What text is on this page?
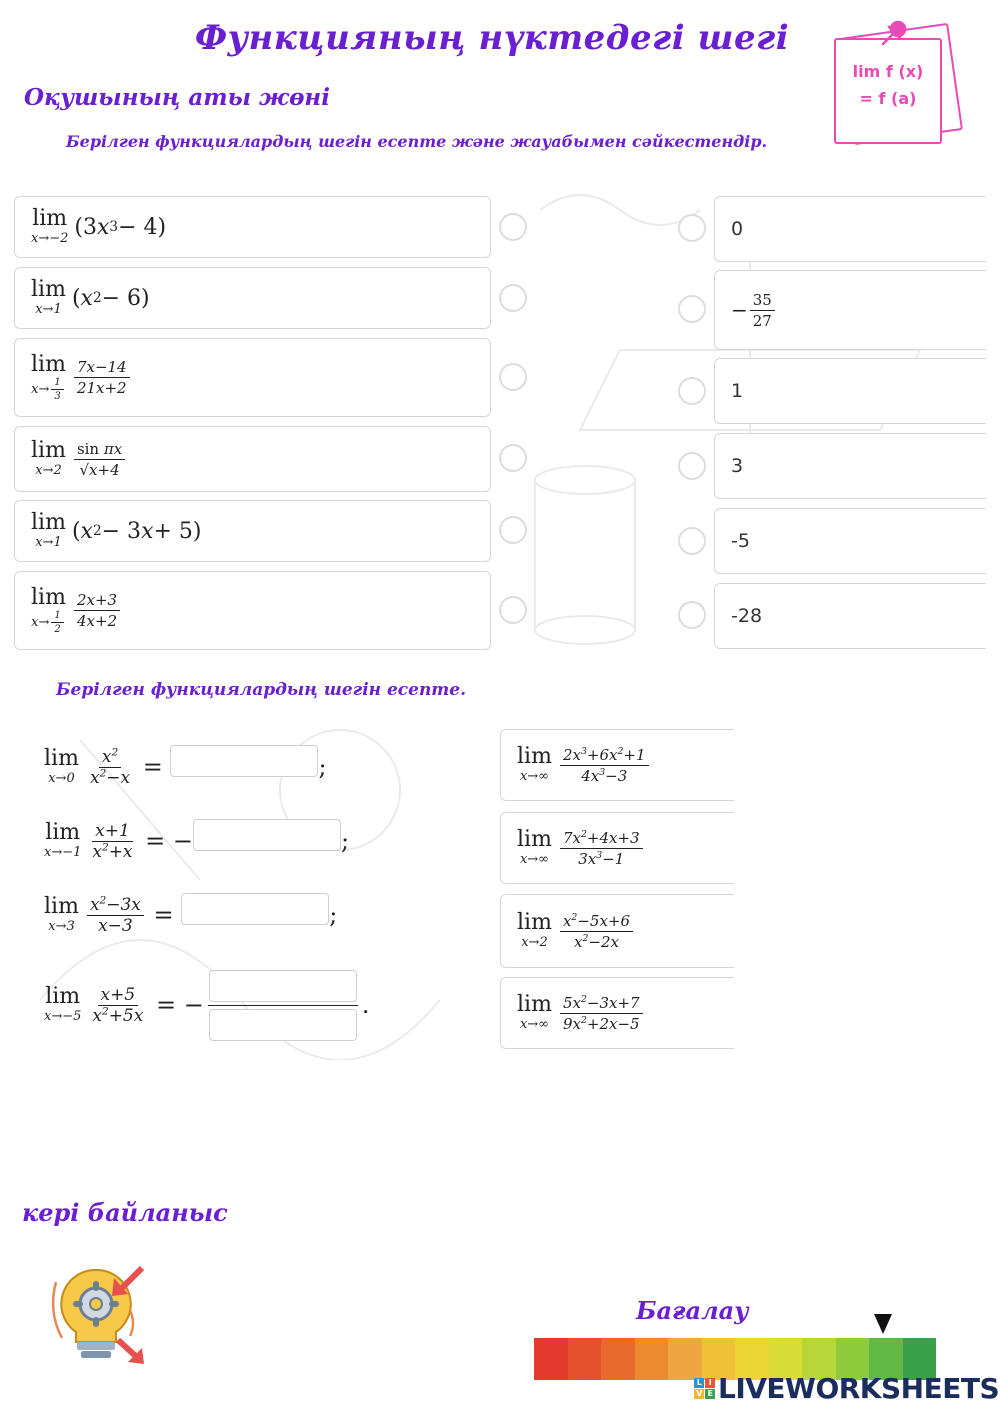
Функцияның нүктедегі шегі
Оқушының аты жөні
lim f (x)
= f (a)
Берілген функциялардың шегін есепте және жауабымен сәйкестендір.
lim
x→−2 (3 x 3 − 4)
lim
x→1 ( x 2 − 6)
lim
$x\to \frac{1}{3} \frac{7x-14}{21x+2}$
lim
$x\to 2 \frac{\text{sin πx}}{√x+4}$
lim
x→1 ( x 2 − 3 x + 5)
lim
$x\to \frac{1}{2} \frac{2x+3}{4x+2}$
0
− $\frac{35}{27}$
1
3
-5
-28
Берілген функциялардың шегін есепте.
lim
$x\to 0 \frac{x^2}{x^2-x}$ =	;
lim
$x\to-1 \frac{x+1}{x^2+x}$ = −	;
lim
$x\to 3 \frac{x^2-3x}{x-3}$ =	;
lim
$x\to-5 \frac{x+5}{x^2+5x}$ = −	.
lim
$x\to\infty \frac{2x^3+6x^2+1}{4x^3-3}$
lim
$x\to\infty \frac{7x^2+4x+3}{3x^3-1}$
lim
$x\to 2 \frac{x^2-5x+6}{x^2-2x}$
lim
$x\to\infty \frac{5x^2-3x+7}{9x^2+2x-5}$
кері байланыс
Бағалау
L I
V E LIVEWORKSHEETS
